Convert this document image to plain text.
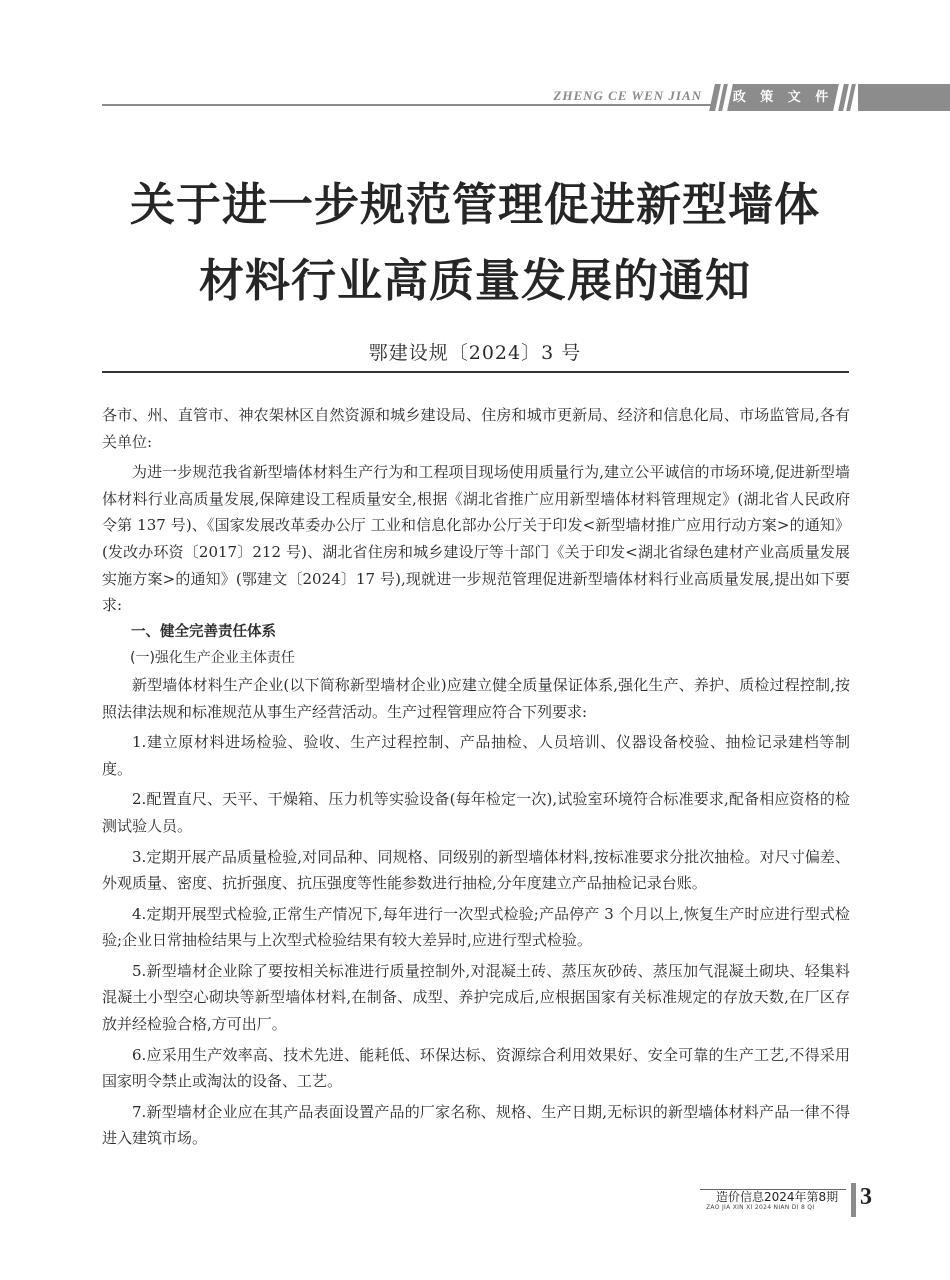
ZHENG CE WEN JIAN 政 策 文 件
关于进一步规范管理促进新型墙体
材料行业高质量发展的通知
鄂建设规〔2024〕3 号

各市、州、直管市、神农架林区自然资源和城乡建设局、住房和城市更新局、经济和信息化局、市场监管局,各有关单位:

为进一步规范我省新型墙体材料生产行为和工程项目现场使用质量行为,建立公平诚信的市场环境,促进新型墙体材料行业高质量发展,保障建设工程质量安全,根据《湖北省推广应用新型墙体材料管理规定》(湖北省人民政府令第 137 号)、《国家发展改革委办公厅 工业和信息化部办公厅关于印发<新型墙材推广应用行动方案>的通知》(发改办环资〔2017〕212 号)、湖北省住房和城乡建设厅等十部门《关于印发<湖北省绿色建材产业高质量发展实施方案>的通知》(鄂建文〔2024〕17 号),现就进一步规范管理促进新型墙体材料行业高质量发展,提出如下要求:

一、健全完善责任体系

(一)强化生产企业主体责任

新型墙体材料生产企业(以下简称新型墙材企业)应建立健全质量保证体系,强化生产、养护、质检过程控制,按照法律法规和标准规范从事生产经营活动。生产过程管理应符合下列要求:

1.建立原材料进场检验、验收、生产过程控制、产品抽检、人员培训、仪器设备校验、抽检记录建档等制度。

2.配置直尺、天平、干燥箱、压力机等实验设备(每年检定一次),试验室环境符合标准要求,配备相应资格的检测试验人员。

3.定期开展产品质量检验,对同品种、同规格、同级别的新型墙体材料,按标准要求分批次抽检。对尺寸偏差、外观质量、密度、抗折强度、抗压强度等性能参数进行抽检,分年度建立产品抽检记录台账。

4.定期开展型式检验,正常生产情况下,每年进行一次型式检验;产品停产 3 个月以上,恢复生产时应进行型式检验;企业日常抽检结果与上次型式检验结果有较大差异时,应进行型式检验。

5.新型墙材企业除了要按相关标准进行质量控制外,对混凝土砖、蒸压灰砂砖、蒸压加气混凝土砌块、轻集料混凝土小型空心砌块等新型墙体材料,在制备、成型、养护完成后,应根据国家有关标准规定的存放天数,在厂区存放并经检验合格,方可出厂。

6.应采用生产效率高、技术先进、能耗低、环保达标、资源综合利用效果好、安全可靠的生产工艺,不得采用国家明令禁止或淘汰的设备、工艺。

7.新型墙材企业应在其产品表面设置产品的厂家名称、规格、生产日期,无标识的新型墙体材料产品一律不得进入建筑市场。

造价信息2024年第8期
ZAO JIA XIN XI 2024 NIAN DI 8 QI 3
